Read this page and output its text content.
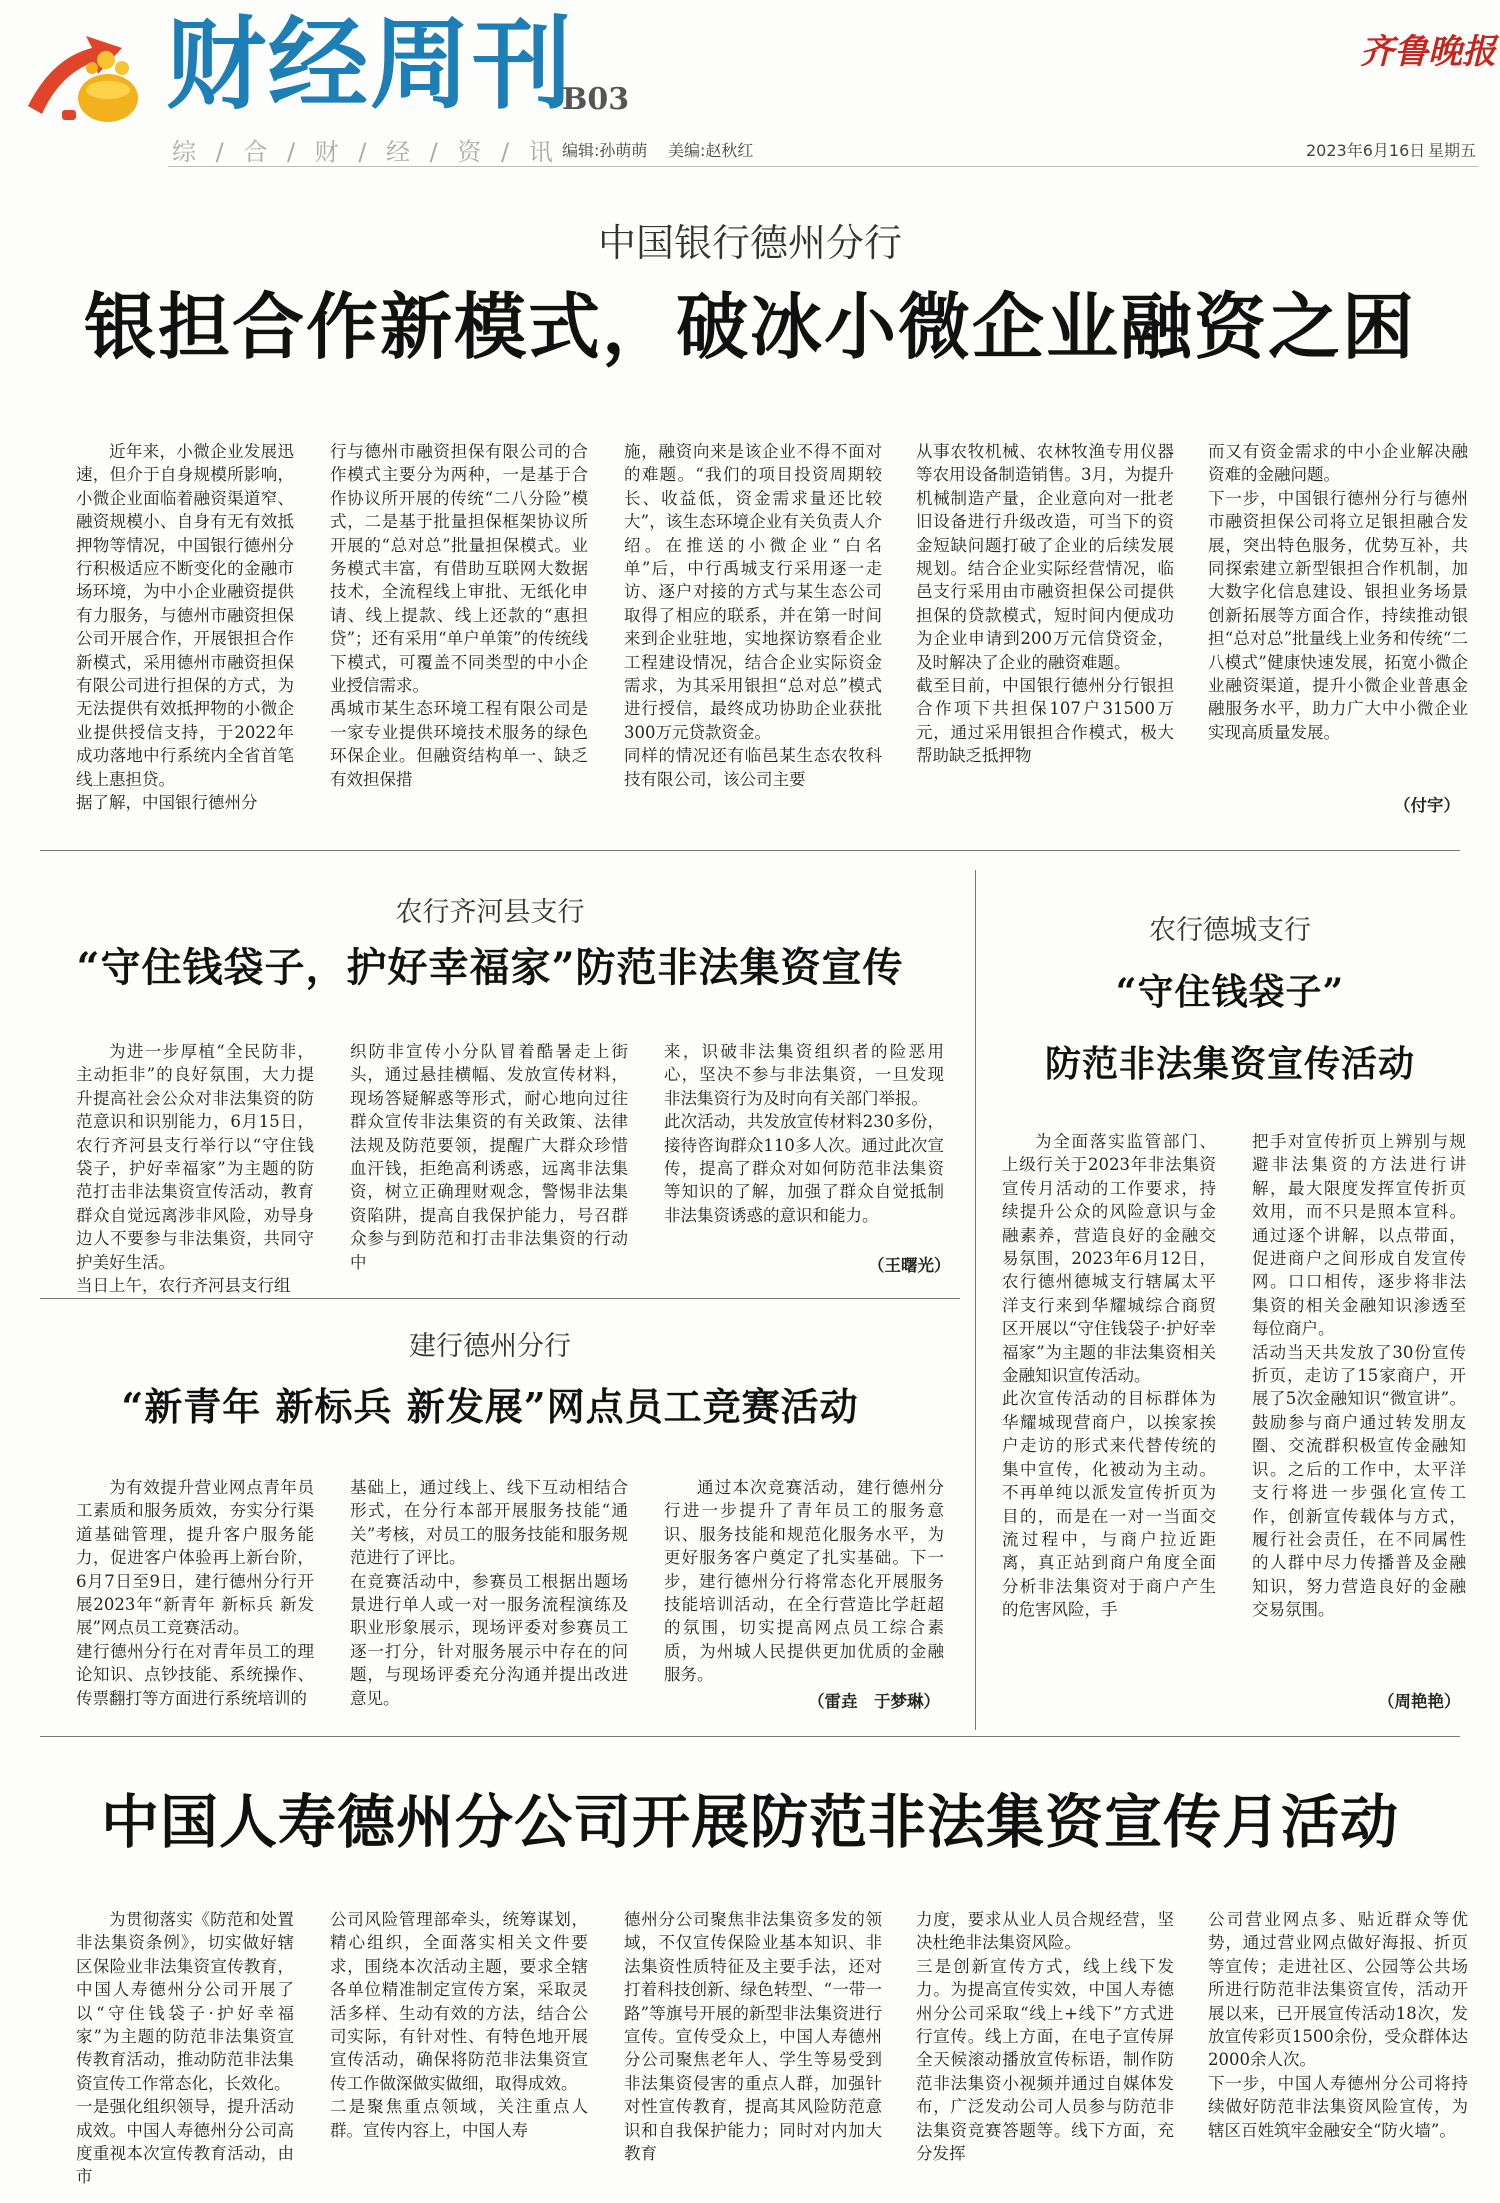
财经周刊
B03
综 / 合 / 财 / 经 / 资 / 讯 编辑:孙萌萌 美编:赵秋红
齐鲁晚报
2023年6月16日 星期五
中国银行德州分行
银担合作新模式，破冰小微企业融资之困
近年来，小微企业发展迅速，但介于自身规模所影响，小微企业面临着融资渠道窄、融资规模小、自身有无有效抵押物等情况，中国银行德州分行积极适应不断变化的金融市场环境，为中小企业融资提供有力服务，与德州市融资担保公司开展合作，开展银担合作新模式，采用德州市融资担保有限公司进行担保的方式，为无法提供有效抵押物的小微企业提供授信支持，于2022年成功落地中行系统内全省首笔线上惠担贷。
据了解，中国银行德州分
行与德州市融资担保有限公司的合作模式主要分为两种，一是基于合作协议所开展的传统“二八分险”模式，二是基于批量担保框架协议所开展的“总对总”批量担保模式。业务模式丰富，有借助互联网大数据技术，全流程线上审批、无纸化申请、线上提款、线上还款的“惠担贷”；还有采用“单户单策”的传统线下模式，可覆盖不同类型的中小企业授信需求。
禹城市某生态环境工程有限公司是一家专业提供环境技术服务的绿色环保企业。但融资结构单一、缺乏有效担保措
施，融资向来是该企业不得不面对的难题。“我们的项目投资周期较长、收益低，资金需求量还比较大”，该生态环境企业有关负责人介绍。在推送的小微企业“白名单”后，中行禹城支行采用逐一走访、逐户对接的方式与某生态公司取得了相应的联系，并在第一时间来到企业驻地，实地探访察看企业工程建设情况，结合企业实际资金需求，为其采用银担“总对总”模式进行授信，最终成功协助企业获批300万元贷款资金。
同样的情况还有临邑某生态农牧科技有限公司，该公司主要
从事农牧机械、农林牧渔专用仪器等农用设备制造销售。3月，为提升机械制造产量，企业意向对一批老旧设备进行升级改造，可当下的资金短缺问题打破了企业的后续发展规划。结合企业实际经营情况，临邑支行采用由市融资担保公司提供担保的贷款模式，短时间内便成功为企业申请到200万元信贷资金，及时解决了企业的融资难题。
截至目前，中国银行德州分行银担合作项下共担保107户31500万元，通过采用银担合作模式，极大帮助缺乏抵押物
而又有资金需求的中小企业解决融资难的金融问题。
下一步，中国银行德州分行与德州市融资担保公司将立足银担融合发展，突出特色服务，优势互补，共同探索建立新型银担合作机制，加大数字化信息建设、银担业务场景创新拓展等方面合作，持续推动银担“总对总”批量线上业务和传统“二八模式”健康快速发展，拓宽小微企业融资渠道，提升小微企业普惠金融服务水平，助力广大中小微企业实现高质量发展。
（付宇）
农行齐河县支行
“守住钱袋子，护好幸福家”防范非法集资宣传
为进一步厚植“全民防非，主动拒非”的良好氛围，大力提升提高社会公众对非法集资的防范意识和识别能力，6月15日，农行齐河县支行举行以“守住钱袋子，护好幸福家”为主题的防范打击非法集资宣传活动，教育群众自觉远离涉非风险，劝导身边人不要参与非法集资，共同守护美好生活。
当日上午，农行齐河县支行组
织防非宣传小分队冒着酷暑走上街头，通过悬挂横幅、发放宣传材料，现场答疑解惑等形式，耐心地向过往群众宣传非法集资的有关政策、法律法规及防范要领，提醒广大群众珍惜血汗钱，拒绝高利诱惑，远离非法集资，树立正确理财观念，警惕非法集资陷阱，提高自我保护能力，号召群众参与到防范和打击非法集资的行动中
来，识破非法集资组织者的险恶用心，坚决不参与非法集资，一旦发现非法集资行为及时向有关部门举报。
此次活动，共发放宣传材料230多份，接待咨询群众110多人次。通过此次宣传，提高了群众对如何防范非法集资等知识的了解，加强了群众自觉抵制非法集资诱惑的意识和能力。
（王曙光）
建行德州分行
“新青年 新标兵 新发展”网点员工竞赛活动
为有效提升营业网点青年员工素质和服务质效，夯实分行渠道基础管理，提升客户服务能力，促进客户体验再上新台阶，6月7日至9日，建行德州分行开展2023年“新青年 新标兵 新发展”网点员工竞赛活动。
建行德州分行在对青年员工的理论知识、点钞技能、系统操作、传票翻打等方面进行系统培训的
基础上，通过线上、线下互动相结合形式，在分行本部开展服务技能“通关”考核，对员工的服务技能和服务规范进行了评比。
在竞赛活动中，参赛员工根据出题场景进行单人或一对一服务流程演练及职业形象展示，现场评委对参赛员工逐一打分，针对服务展示中存在的问题，与现场评委充分沟通并提出改进意见。
通过本次竞赛活动，建行德州分行进一步提升了青年员工的服务意识、服务技能和规范化服务水平，为更好服务客户奠定了扎实基础。下一步，建行德州分行将常态化开展服务技能培训活动，在全行营造比学赶超的氛围，切实提高网点员工综合素质，为州城人民提供更加优质的金融服务。
（雷垚　于梦琳）
农行德城支行
“守住钱袋子”
防范非法集资宣传活动
为全面落实监管部门、上级行关于2023年非法集资宣传月活动的工作要求，持续提升公众的风险意识与金融素养，营造良好的金融交易氛围，2023年6月12日，农行德州德城支行辖属太平洋支行来到华耀城综合商贸区开展以“守住钱袋子·护好幸福家”为主题的非法集资相关金融知识宣传活动。
此次宣传活动的目标群体为华耀城现营商户，以挨家挨户走访的形式来代替传统的集中宣传，化被动为主动。不再单纯以派发宣传折页为目的，而是在一对一当面交流过程中，与商户拉近距离，真正站到商户角度全面分析非法集资对于商户产生的危害风险，手
把手对宣传折页上辨别与规避非法集资的方法进行讲解，最大限度发挥宣传折页效用，而不只是照本宣科。通过逐个讲解，以点带面，促进商户之间形成自发宣传网。口口相传，逐步将非法集资的相关金融知识渗透至每位商户。
活动当天共发放了30份宣传折页，走访了15家商户，开展了5次金融知识“微宣讲”。鼓励参与商户通过转发朋友圈、交流群积极宣传金融知识。之后的工作中，太平洋支行将进一步强化宣传工作，创新宣传载体与方式，履行社会责任，在不同属性的人群中尽力传播普及金融知识，努力营造良好的金融交易氛围。
（周艳艳）
中国人寿德州分公司开展防范非法集资宣传月活动
为贯彻落实《防范和处置非法集资条例》，切实做好辖区保险业非法集资宣传教育，中国人寿德州分公司开展了以“守住钱袋子·护好幸福家”为主题的防范非法集资宣传教育活动，推动防范非法集资宣传工作常态化，长效化。
一是强化组织领导，提升活动成效。中国人寿德州分公司高度重视本次宣传教育活动，由市
公司风险管理部牵头，统筹谋划，精心组织，全面落实相关文件要求，围绕本次活动主题，要求全辖各单位精准制定宣传方案，采取灵活多样、生动有效的方法，结合公司实际，有针对性、有特色地开展宣传活动，确保将防范非法集资宣传工作做深做实做细，取得成效。
二是聚焦重点领域，关注重点人群。宣传内容上，中国人寿
德州分公司聚焦非法集资多发的领域，不仅宣传保险业基本知识、非法集资性质特征及主要手法，还对打着科技创新、绿色转型、“一带一路”等旗号开展的新型非法集资进行宣传。宣传受众上，中国人寿德州分公司聚焦老年人、学生等易受到非法集资侵害的重点人群，加强针对性宣传教育，提高其风险防范意识和自我保护能力；同时对内加大教育
力度，要求从业人员合规经营，坚决杜绝非法集资风险。
三是创新宣传方式，线上线下发力。为提高宣传实效，中国人寿德州分公司采取“线上+线下”方式进行宣传。线上方面，在电子宣传屏全天候滚动播放宣传标语，制作防范非法集资小视频并通过自媒体发布，广泛发动公司人员参与防范非法集资竞赛答题等。线下方面，充分发挥
公司营业网点多、贴近群众等优势，通过营业网点做好海报、折页等宣传；走进社区、公园等公共场所进行防范非法集资宣传，活动开展以来，已开展宣传活动18次，发放宣传彩页1500余份，受众群体达2000余人次。
下一步，中国人寿德州分公司将持续做好防范非法集资风险宣传，为辖区百姓筑牢金融安全“防火墙”。
